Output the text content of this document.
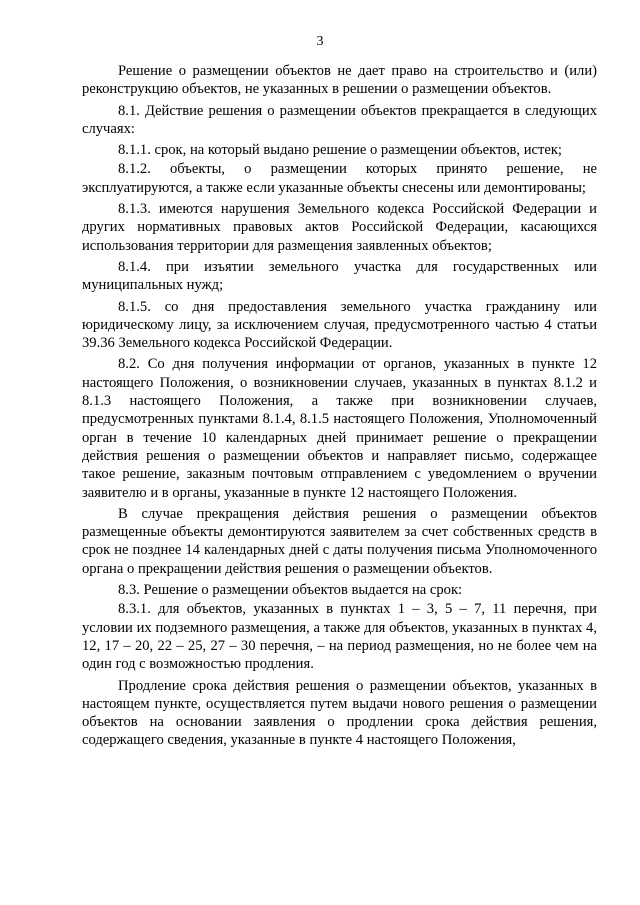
3

Решение о размещении объектов не дает право на строительство и (или) реконструкцию объектов, не указанных в решении о размещении объектов.

8.1. Действие решения о размещении объектов прекращается в следующих случаях:

8.1.1. срок, на который выдано решение о размещении объектов, истек;

8.1.2. объекты, о размещении которых принято решение, не эксплуатируются, а также если указанные объекты снесены или демонтированы;

8.1.3. имеются нарушения Земельного кодекса Российской Федерации и других нормативных правовых актов Российской Федерации, касающихся использования территории для размещения заявленных объектов;

8.1.4. при изъятии земельного участка для государственных или муниципальных нужд;

8.1.5. со дня предоставления земельного участка гражданину или юридическому лицу, за исключением случая, предусмотренного частью 4 статьи 39.36 Земельного кодекса Российской Федерации.

8.2. Со дня получения информации от органов, указанных в пункте 12 настоящего Положения, о возникновении случаев, указанных в пунктах 8.1.2 и 8.1.3 настоящего Положения, а также при возникновении случаев, предусмотренных пунктами 8.1.4, 8.1.5 настоящего Положения, Уполномоченный орган в течение 10 календарных дней принимает решение о прекращении действия решения о размещении объектов и направляет письмо, содержащее такое решение, заказным почтовым отправлением с уведомлением о вручении заявителю и в органы, указанные в пункте 12 настоящего Положения.

В случае прекращения действия решения о размещении объектов размещенные объекты демонтируются заявителем за счет собственных средств в срок не позднее 14 календарных дней с даты получения письма Уполномоченного органа о прекращении действия решения о размещении объектов.

8.3. Решение о размещении объектов выдается на срок:

8.3.1. для объектов, указанных в пунктах 1 – 3, 5 – 7, 11 перечня, при условии их подземного размещения, а также для объектов, указанных в пунктах 4, 12, 17 – 20, 22 – 25, 27 – 30 перечня, – на период размещения, но не более чем на один год с возможностью продления.

Продление срока действия решения о размещении объектов, указанных в настоящем пункте, осуществляется путем выдачи нового решения о размещении объектов на основании заявления о продлении срока действия решения, содержащего сведения, указанные в пункте 4 настоящего Положения,
